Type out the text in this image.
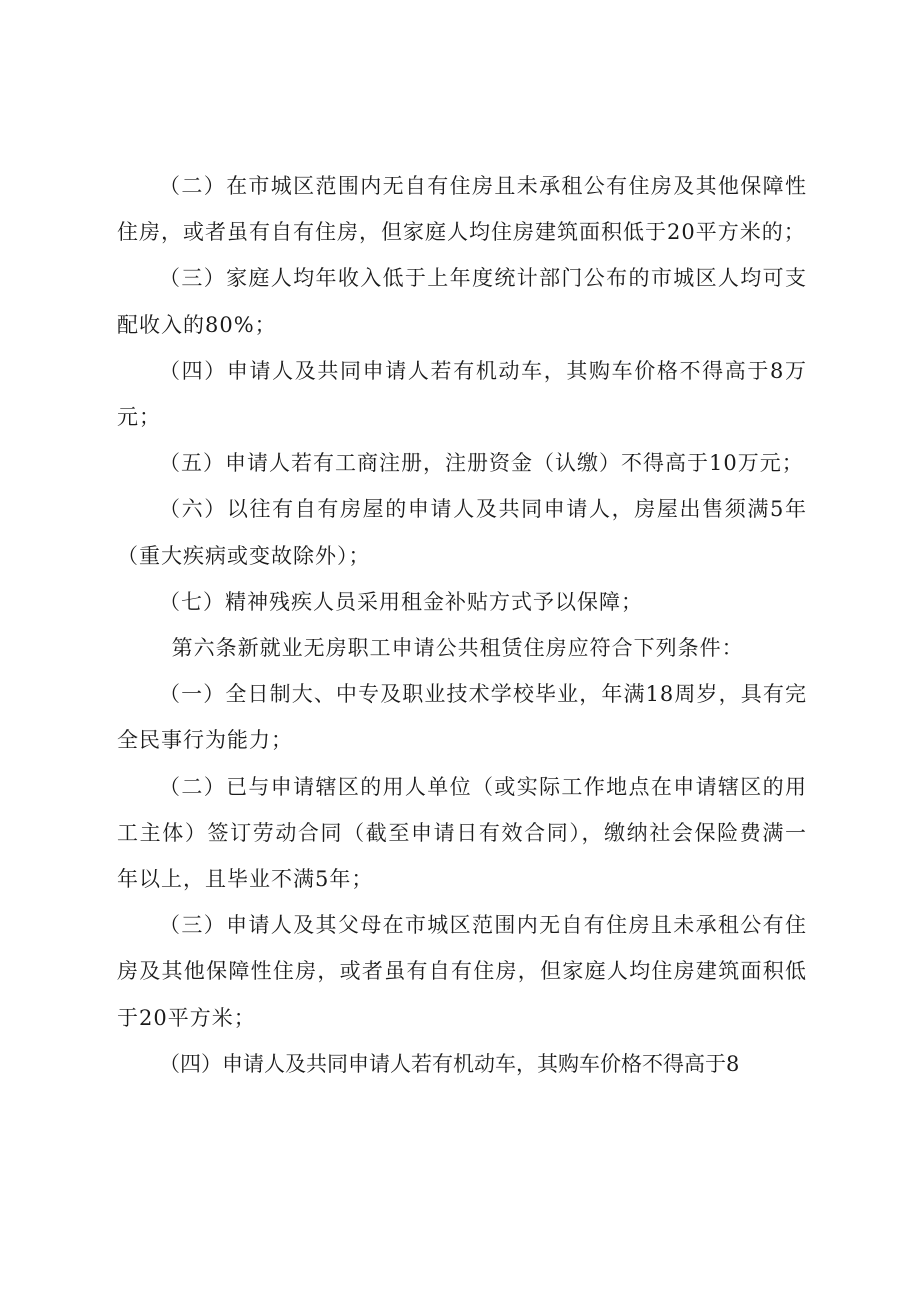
（二）在市城区范围内无自有住房且未承租公有住房及其他保障性住房，或者虽有自有住房，但家庭人均住房建筑面积低于20平方米的；

（三）家庭人均年收入低于上年度统计部门公布的市城区人均可支配收入的80%；

（四）申请人及共同申请人若有机动车，其购车价格不得高于8万元；

（五）申请人若有工商注册，注册资金（认缴）不得高于10万元；

（六）以往有自有房屋的申请人及共同申请人，房屋出售须满5年（重大疾病或变故除外）；

（七）精神残疾人员采用租金补贴方式予以保障；

第六条新就业无房职工申请公共租赁住房应符合下列条件：

（一）全日制大、中专及职业技术学校毕业，年满18周岁，具有完全民事行为能力；

（二）已与申请辖区的用人单位（或实际工作地点在申请辖区的用工主体）签订劳动合同（截至申请日有效合同），缴纳社会保险费满一年以上，且毕业不满5年；

（三）申请人及其父母在市城区范围内无自有住房且未承租公有住房及其他保障性住房，或者虽有自有住房，但家庭人均住房建筑面积低于20平方米；

（四）申请人及共同申请人若有机动车，其购车价格不得高于8
